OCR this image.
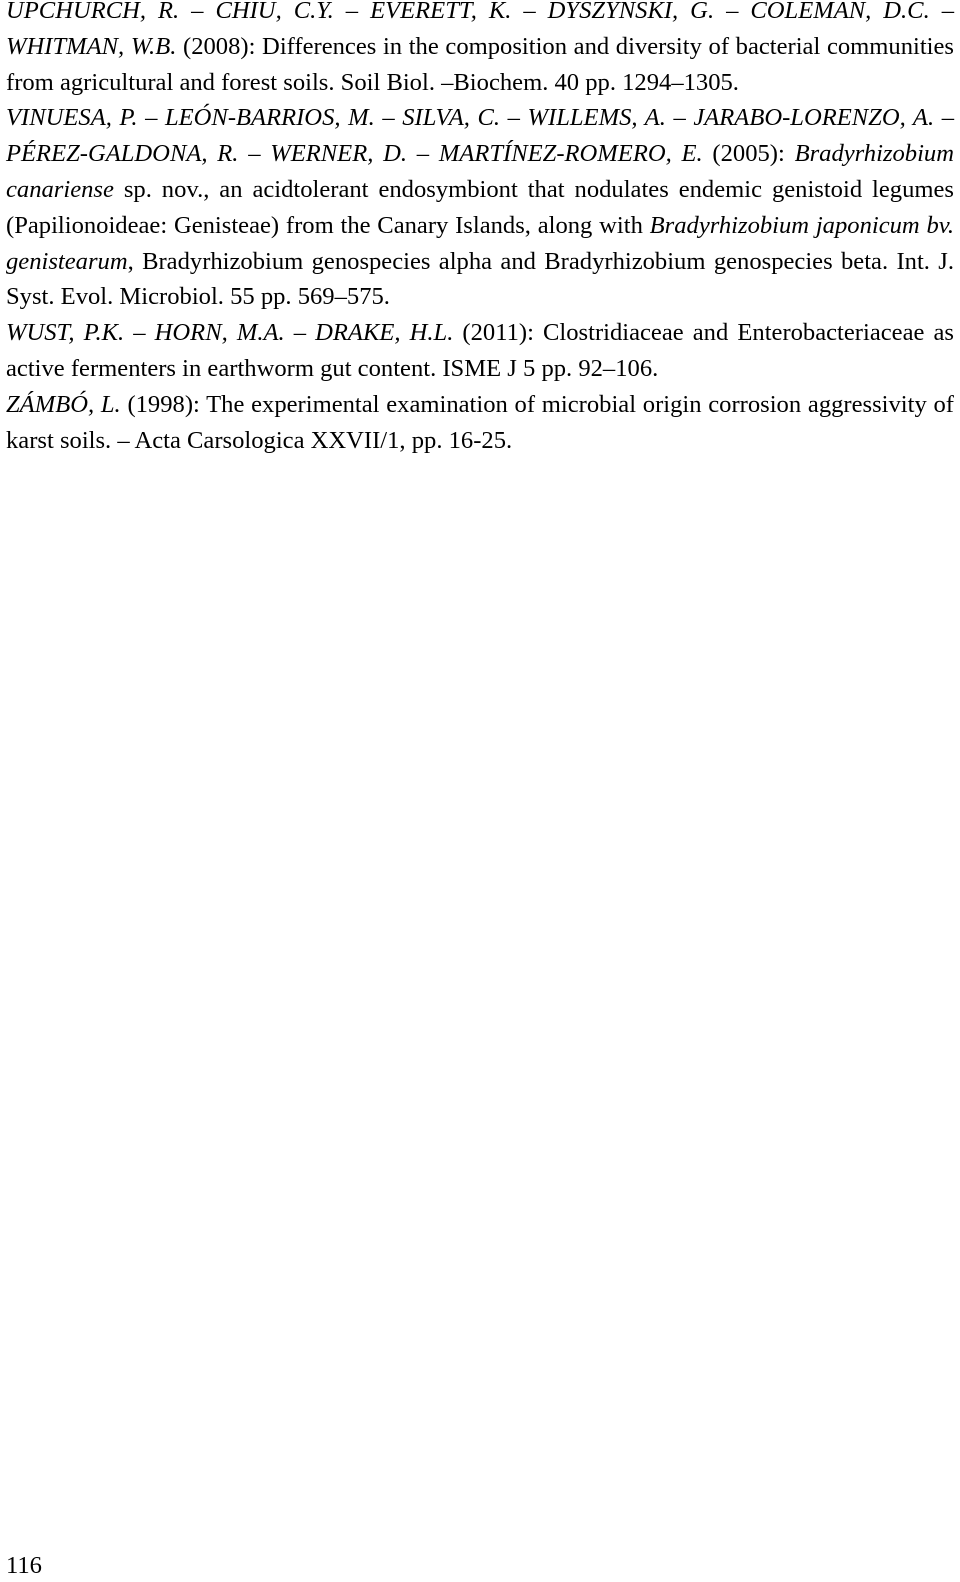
UPCHURCH, R. – CHIU, C.Y. – EVERETT, K. – DYSZYNSKI, G. – COLEMAN, D.C. – WHITMAN, W.B. (2008): Differences in the composition and diversity of bacterial communities from agricultural and forest soils. Soil Biol. –Biochem. 40 pp. 1294–1305.

VINUESA, P. – LEÓN-BARRIOS, M. – SILVA, C. – WILLEMS, A. – JARABO-LORENZO, A. – PÉREZ-GALDONA, R. – WERNER, D. – MARTÍNEZ-ROMERO, E. (2005): Bradyrhizobium canariense sp. nov., an acidtolerant endosymbiont that nodulates endemic genistoid legumes (Papilionoideae: Genisteae) from the Canary Islands, along with Bradyrhizobium japonicum bv. genistearum, Bradyrhizobium genospecies alpha and Bradyrhizobium genospecies beta. Int. J. Syst. Evol. Microbiol. 55 pp. 569–575.

WUST, P.K. – HORN, M.A. – DRAKE, H.L. (2011): Clostridiaceae and Enterobacteriaceae as active fermenters in earthworm gut content. ISME J 5 pp. 92–106.

ZÁMBÓ, L. (1998): The experimental examination of microbial origin corrosion aggressivity of karst soils. – Acta Carsologica XXVII/1, pp. 16-25.

116
